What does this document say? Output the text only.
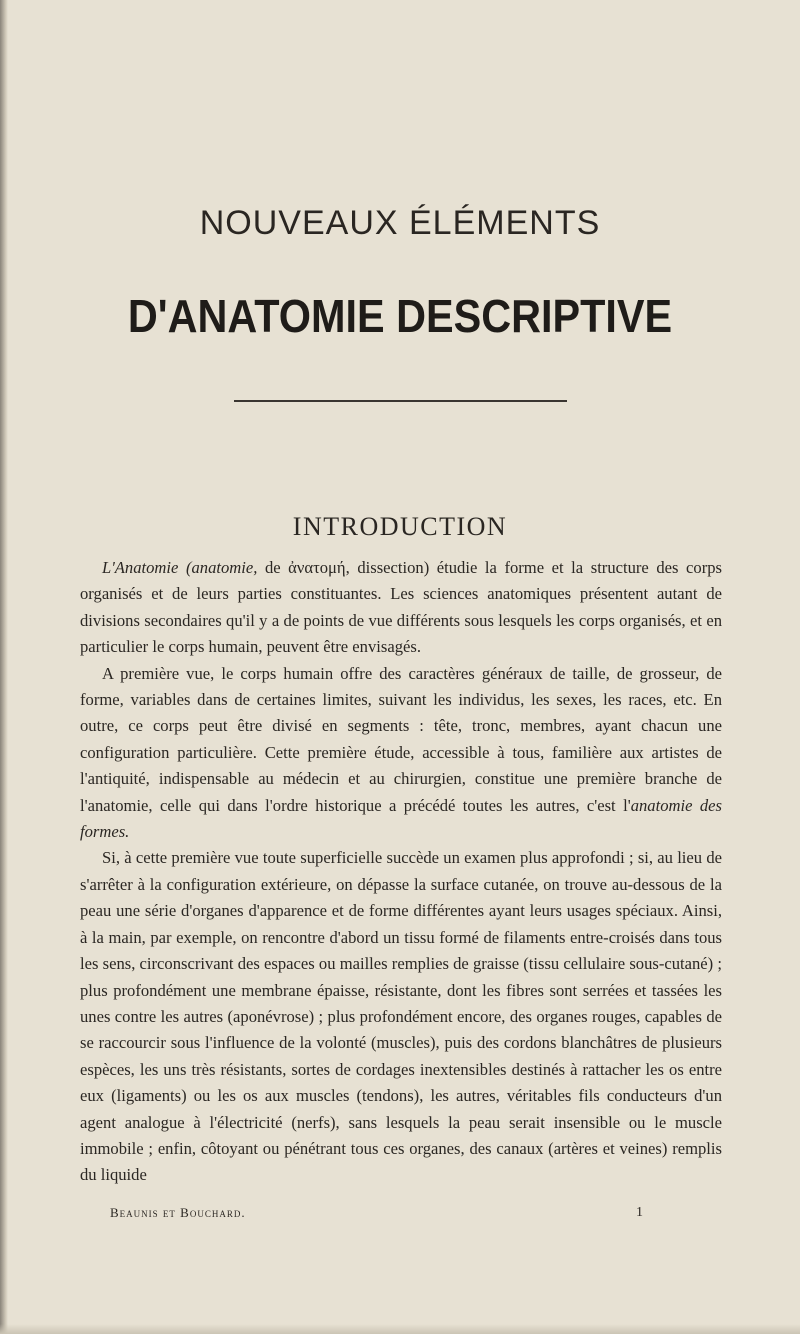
NOUVEAUX ÉLÉMENTS
D'ANATOMIE DESCRIPTIVE
INTRODUCTION

L'Anatomie (anatomie, de ἀνατομή, dissection) étudie la forme et la structure des corps organisés et de leurs parties constituantes. Les sciences anatomiques présentent autant de divisions secondaires qu'il y a de points de vue différents sous lesquels les corps organisés, et en particulier le corps humain, peuvent être envisagés.

A première vue, le corps humain offre des caractères généraux de taille, de grosseur, de forme, variables dans de certaines limites, suivant les individus, les sexes, les races, etc. En outre, ce corps peut être divisé en segments : tête, tronc, membres, ayant chacun une configuration particulière. Cette première étude, accessible à tous, familière aux artistes de l'antiquité, indispensable au médecin et au chirurgien, constitue une première branche de l'anatomie, celle qui dans l'ordre historique a précédé toutes les autres, c'est l'anatomie des formes.

Si, à cette première vue toute superficielle succède un examen plus approfondi ; si, au lieu de s'arrêter à la configuration extérieure, on dépasse la surface cutanée, on trouve au-dessous de la peau une série d'organes d'apparence et de forme différentes ayant leurs usages spéciaux. Ainsi, à la main, par exemple, on rencontre d'abord un tissu formé de filaments entre-croisés dans tous les sens, circonscrivant des espaces ou mailles remplies de graisse (tissu cellulaire sous-cutané) ; plus profondément une membrane épaisse, résistante, dont les fibres sont serrées et tassées les unes contre les autres (aponévrose) ; plus profondément encore, des organes rouges, capables de se raccourcir sous l'influence de la volonté (muscles), puis des cordons blanchâtres de plusieurs espèces, les uns très résistants, sortes de cordages inextensibles destinés à rattacher les os entre eux (ligaments) ou les os aux muscles (tendons), les autres, véritables fils conducteurs d'un agent analogue à l'électricité (nerfs), sans lesquels la peau serait insensible ou le muscle immobile ; enfin, côtoyant ou pénétrant tous ces organes, des canaux (artères et veines) remplis du liquide

Beaunis et Bouchard.	1
